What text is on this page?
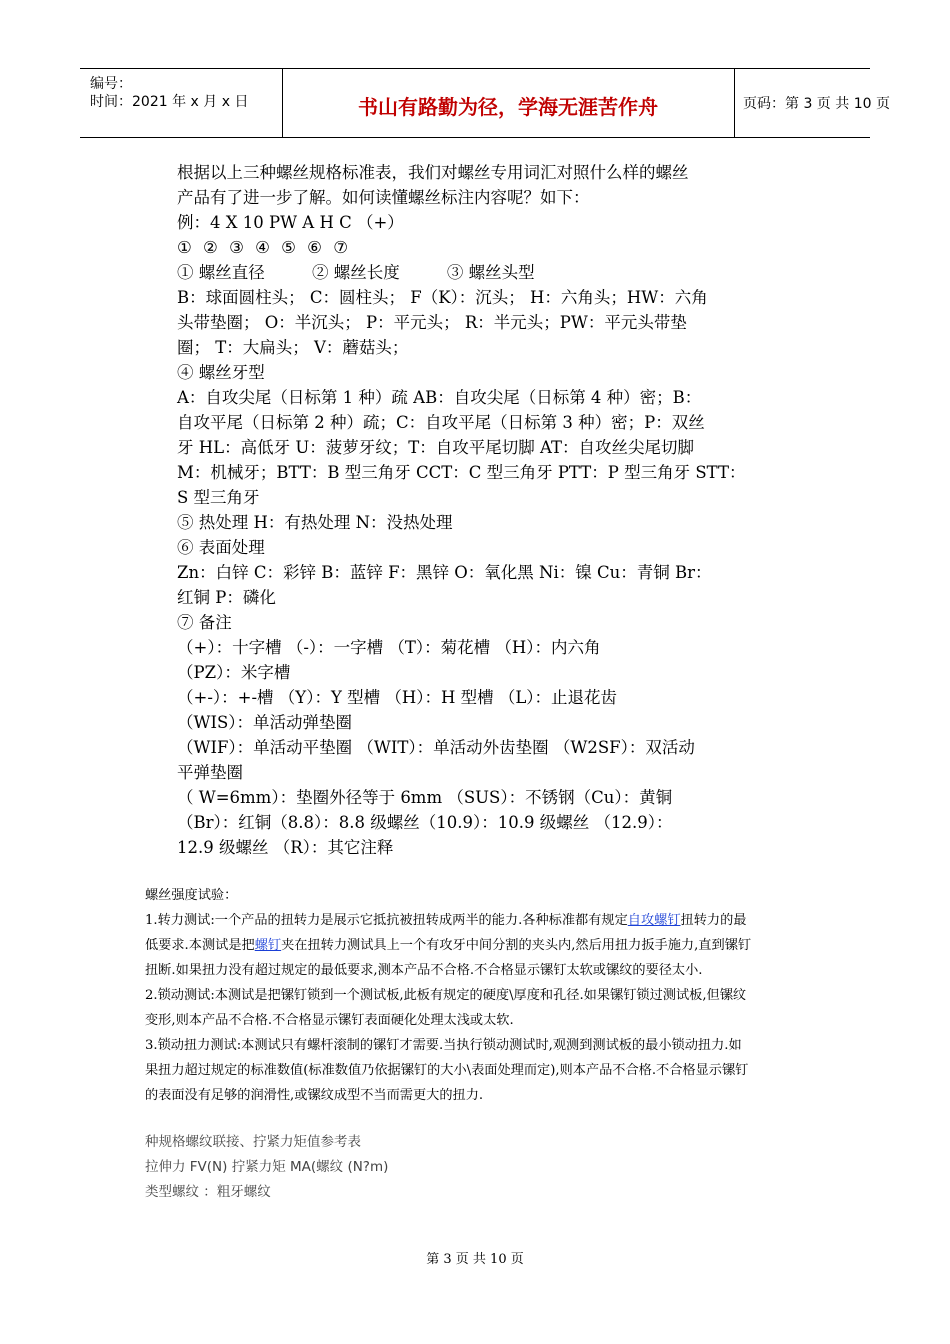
编号：
时间：2021 年 x 月 x 日	书山有路勤为径，学海无涯苦作舟	页码：第 3 页 共 10 页
根据以上三种螺丝规格标准表，我们对螺丝专用词汇对照什么样的螺丝
产品有了进一步了解。如何读懂螺丝标注内容呢？如下：
例：4 X 10 PW A H C （+）
① ② ③ ④ ⑤ ⑥ ⑦
① 螺丝直径         ② 螺丝长度         ③ 螺丝头型
B：球面圆柱头； C：圆柱头； F（K）：沉头； H：六角头；HW：六角
头带垫圈； O：半沉头； P：平元头； R：半元头；PW：平元头带垫
圈； T：大扁头； V：蘑菇头；
④ 螺丝牙型
A：自攻尖尾（日标第 1 种）疏 AB：自攻尖尾（日标第 4 种）密；B：
自攻平尾（日标第 2 种）疏；C：自攻平尾（日标第 3 种）密；P：双丝
牙 HL：高低牙 U：菠萝牙纹；T：自攻平尾切脚 AT：自攻丝尖尾切脚
M：机械牙；BTT：B 型三角牙 CCT：C 型三角牙 PTT：P 型三角牙 STT：
S 型三角牙
⑤ 热处理 H：有热处理 N：没热处理
⑥ 表面处理
Zn：白锌 C：彩锌 B：蓝锌 F：黑锌 O：氧化黑 Ni：镍 Cu：青铜 Br：
红铜 P：磷化
⑦ 备注
（+）：十字槽 （-）：一字槽 （T）：菊花槽 （H）：内六角
（PZ）：米字槽
（+-）：+-槽 （Y）：Y 型槽 （H）：H 型槽 （L）：止退花齿
（WIS）：单活动弹垫圈
（WIF）：单活动平垫圈 （WIT）：单活动外齿垫圈 （W2SF）：双活动
平弹垫圈
（ W=6mm）：垫圈外径等于 6mm （SUS）：不锈钢（Cu）：黄铜
（Br）：红铜（8.8）：8.8 级螺丝（10.9）：10.9 级螺丝 （12.9）：
12.9 级螺丝 （R）：其它注释
螺丝强度试验：
1.转力测试:一个产品的扭转力是展示它抵抗被扭转成两半的能力.各种标准都有规定自攻螺钉扭转力的最
低要求.本测试是把螺钉夹在扭转力测试具上一个有攻牙中间分割的夹头内,然后用扭力扳手施力,直到镙钉
扭断.如果扭力没有超过规定的最低要求,测本产品不合格.不合格显示镙钉太软或镙纹的要径太小.
2.锁动测试:本测试是把镙钉锁到一个测试板,此板有规定的硬度\厚度和孔径.如果镙钉锁过测试板,但镙纹
变形,则本产品不合格.不合格显示镙钉表面硬化处理太浅或太软.
3.锁动扭力测试:本测试只有螺杆滚制的镙钉才需要.当执行锁动测试时,观测到测试板的最小锁动扭力.如
果扭力超过规定的标准数值(标准数值乃依据镙钉的大小\表面处理而定),则本产品不合格.不合格显示镙钉
的表面没有足够的润滑性,或镙纹成型不当而需更大的扭力.
种规格螺纹联接、拧紧力矩值参考表
拉伸力 FV(N) 拧紧力矩 MA(螺纹 (N?m)
类型螺纹 ：粗牙螺纹
第 3 页 共 10 页
